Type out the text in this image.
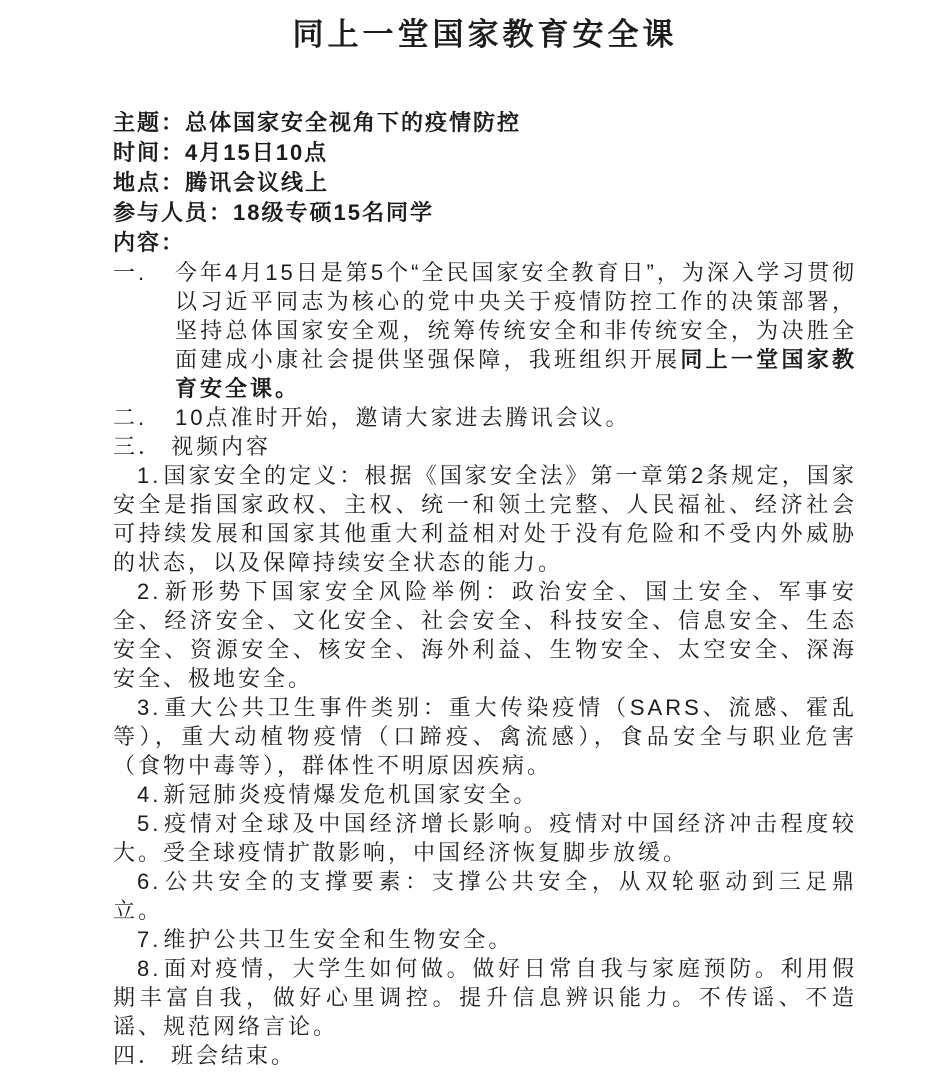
同上一堂国家教育安全课

主题：总体国家安全视角下的疫情防控

时间：4月15日10点

地点：腾讯会议线上

参与人员：18级专硕15名同学

内容：

一.	今年4月15日是第5个“全民国家安全教育日”，为深入学习贯彻以习近平同志为核心的党中央关于疫情防控工作的决策部署，坚持总体国家安全观，统筹传统安全和非传统安全，为决胜全面建成小康社会提供坚强保障，我班组织开展同上一堂国家教育安全课。
二.	10点准时开始，邀请大家进去腾讯会议。

三． 视频内容

1.国家安全的定义：根据《国家安全法》第一章第2条规定，国家安全是指国家政权、主权、统一和领土完整、人民福祉、经济社会可持续发展和国家其他重大利益相对处于没有危险和不受内外威胁的状态，以及保障持续安全状态的能力。

2.新形势下国家安全风险举例：政治安全、国土安全、军事安全、经济安全、文化安全、社会安全、科技安全、信息安全、生态安全、资源安全、核安全、海外利益、生物安全、太空安全、深海安全、极地安全。

3.重大公共卫生事件类别：重大传染疫情（SARS、流感、霍乱等），重大动植物疫情（口蹄疫、禽流感），食品安全与职业危害（食物中毒等），群体性不明原因疾病。

4.新冠肺炎疫情爆发危机国家安全。

5.疫情对全球及中国经济增长影响。疫情对中国经济冲击程度较大。受全球疫情扩散影响，中国经济恢复脚步放缓。

6.公共安全的支撑要素：支撑公共安全，从双轮驱动到三足鼎立。

7.维护公共卫生安全和生物安全。

8.面对疫情，大学生如何做。做好日常自我与家庭预防。利用假期丰富自我，做好心里调控。提升信息辨识能力。不传谣、不造谣、规范网络言论。

四． 班会结束。
